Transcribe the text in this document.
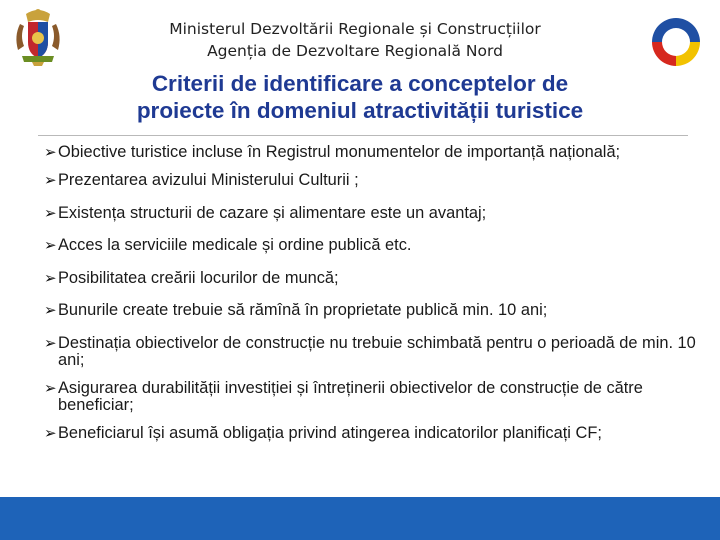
Ministerul Dezvoltării Regionale și Construcțiilor
Agenția de Dezvoltare Regională Nord
Criterii de identificare a conceptelor de
proiecte în domeniul atractivității turistice
➢ Obiective turistice incluse în Registrul monumentelor de importanță națională;
➢ Prezentarea avizului Ministerului Culturii ;
➢ Existența structurii de cazare și alimentare este un avantaj;
➢ Acces la serviciile medicale și ordine publică etc.
➢ Posibilitatea creării locurilor de muncă;
➢ Bunurile create trebuie să rămînă în proprietate publică min. 10 ani;
➢ Destinația obiectivelor de construcție nu trebuie schimbată pentru o perioadă de min. 10 ani;
➢ Asigurarea durabilității investiției și întreținerii obiectivelor de construcție de către beneficiar;
➢ Beneficiarul își asumă obligația privind atingerea indicatorilor planificați CF;
